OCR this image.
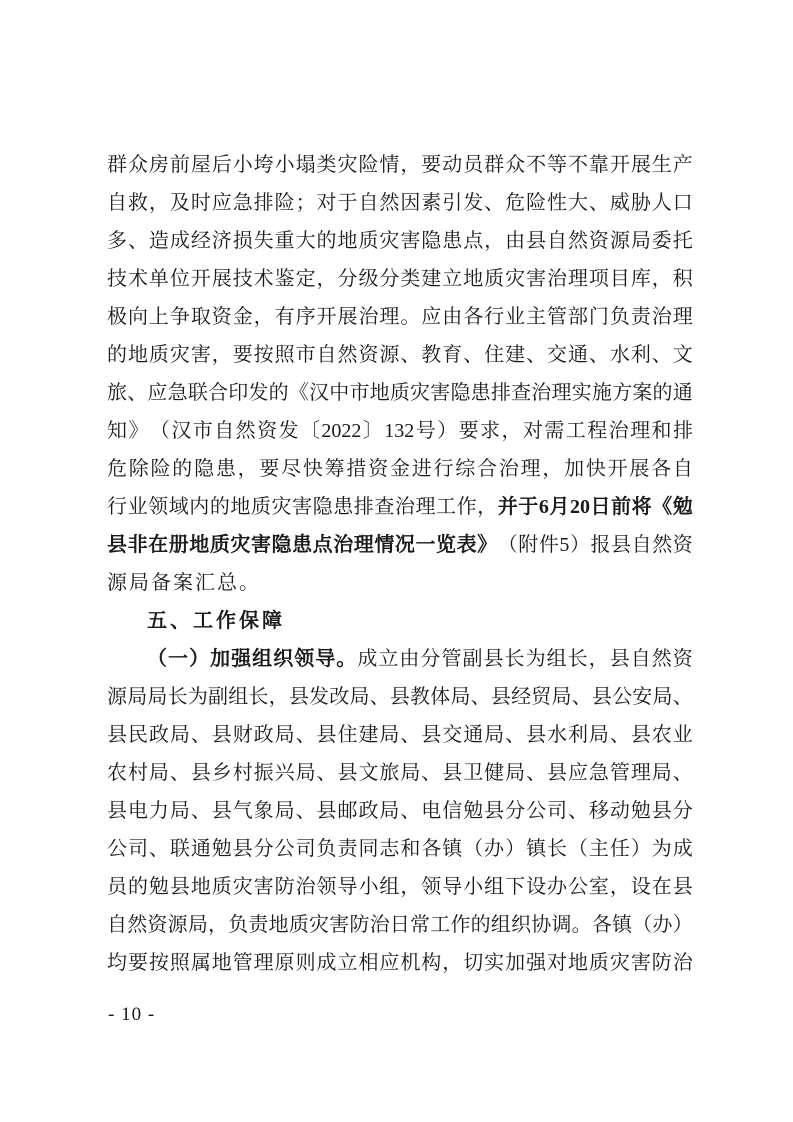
群 众 房 前 屋 后 小 垮 小 塌 类 灾 险 情 ， 要 动 员 群 众 不 等 不 靠 开 展 生 产
自 救 ， 及 时 应 急 排 险 ； 对 于 自 然 因 素 引 发 、 危 险 性 大 、 威 胁 人 口
多 、 造 成 经 济 损 失 重 大 的 地 质 灾 害 隐 患 点 ， 由 县 自 然 资 源 局 委 托
技 术 单 位 开 展 技 术 鉴 定 ， 分 级 分 类 建 立 地 质 灾 害 治 理 项 目 库 ， 积
极 向 上 争 取 资 金 ， 有 序 开 展 治 理 。 应 由 各 行 业 主 管 部 门 负 责 治 理
的 地 质 灾 害 ， 要 按 照 市 自 然 资 源 、 教 育 、 住 建 、 交 通 、 水 利 、 文
旅 、 应 急 联 合 印 发 的 《 汉 中 市 地 质 灾 害 隐 患 排 查 治 理 实 施 方 案 的 通
知 》 （ 汉 市 自 然 资 发 〔 2022 〕 132 号 ） 要 求 ， 对 需 工 程 治 理 和 排
危 除 险 的 隐 患 ， 要 尽 快 筹 措 资 金 进 行 综 合 治 理 ， 加 快 开 展 各 自
行 业 领 域 内 的 地 质 灾 害 隐 患 排 查 治 理 工 作 ， 并 于 6 月 20 日 前 将 《 勉
县 非 在 册 地 质 灾 害 隐 患 点 治 理 情 况 一 览 表 》 （ 附 件 5 ） 报 县 自 然 资
源局备案汇总。
五、工作保障
（ 一 ） 加 强 组 织 领 导 。 成 立 由 分 管 副 县 长 为 组 长 ， 县 自 然 资
源 局 局 长 为 副 组 长 ， 县 发 改 局 、 县 教 体 局 、 县 经 贸 局 、 县 公 安 局 、
县 民 政 局 、 县 财 政 局 、 县 住 建 局 、 县 交 通 局 、 县 水 利 局 、 县 农 业
农 村 局 、 县 乡 村 振 兴 局 、 县 文 旅 局 、 县 卫 健 局 、 县 应 急 管 理 局 、
县 电 力 局 、 县 气 象 局 、 县 邮 政 局 、 电 信 勉 县 分 公 司 、 移 动 勉 县 分
公 司 、 联 通 勉 县 分 公 司 负 责 同 志 和 各 镇 （ 办 ） 镇 长 （ 主 任 ） 为 成
员 的 勉 县 地 质 灾 害 防 治 领 导 小 组 ， 领 导 小 组 下 设 办 公 室 ， 设 在 县
自 然 资 源 局 ， 负 责 地 质 灾 害 防 治 日 常 工 作 的 组 织 协 调 。 各 镇 （ 办 ）
均 要 按 照 属 地 管 理 原 则 成 立 相 应 机 构 ， 切 实 加 强 对 地 质 灾 害 防 治
- 10 -
